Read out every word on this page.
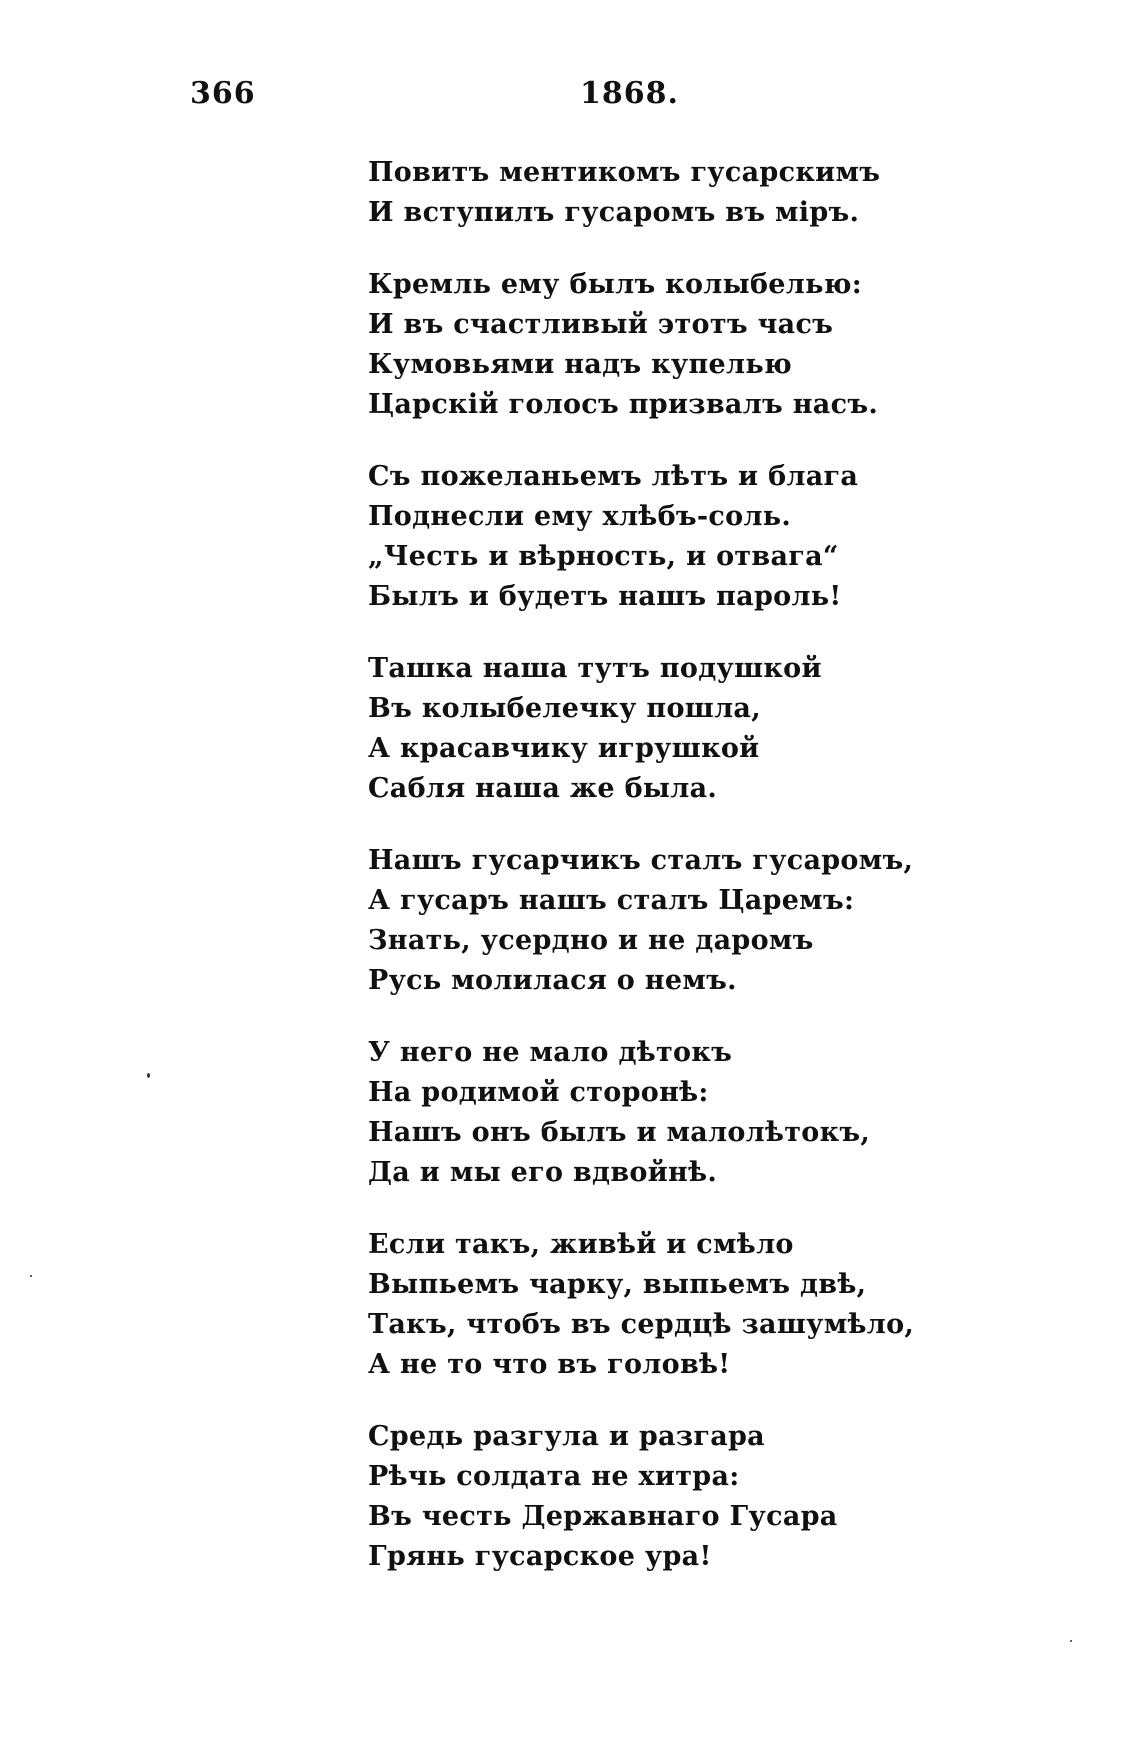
366	1868.
Повитъ ментикомъ гусарскимъ
И вступилъ гусаромъ въ міръ.
Кремль ему былъ колыбелью:
И въ счастливый этотъ часъ
Кумовьями надъ купелью
Царскій голосъ призвалъ насъ.
Съ пожеланьемъ лѣтъ и блага
Поднесли ему хлѣбъ-соль.
„Честь и вѣрность, и отвага“
Былъ и будетъ нашъ пароль!
Ташка наша тутъ подушкой
Въ колыбелечку пошла,
А красавчику игрушкой
Сабля наша же была.
Нашъ гусарчикъ сталъ гусаромъ,
А гусаръ нашъ сталъ Царемъ:
Знать, усердно и не даромъ
Русь молилася о немъ.
У него не мало дѣтокъ
На родимой сторонѣ:
Нашъ онъ былъ и малолѣтокъ,
Да и мы его вдвойнѣ.
Если такъ, живѣй и смѣло
Выпьемъ чарку, выпьемъ двѣ,
Такъ, чтобъ въ сердцѣ зашумѣло,
А не то что въ головѣ!
Средь разгула и разгара
Рѣчь солдата не хитра:
Въ честь Державнаго Гусара
Грянь гусарское ура!
